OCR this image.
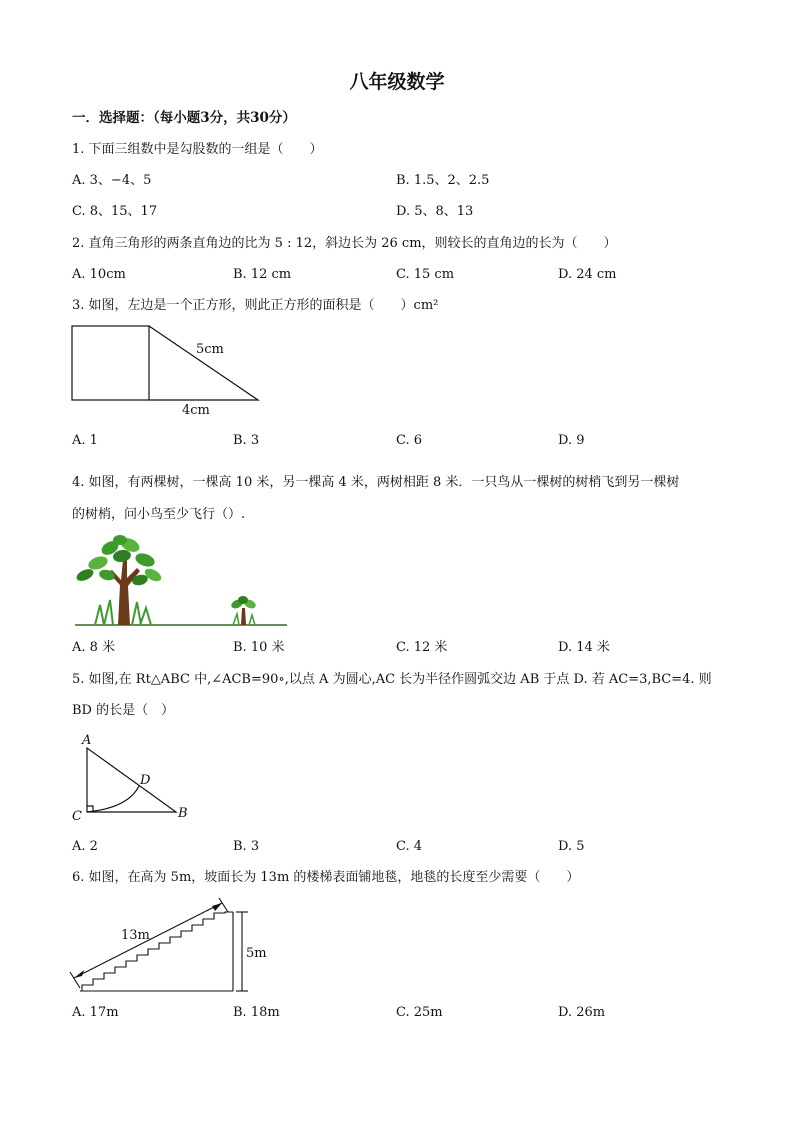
八年级数学
一．选择题：（每小题3分，共30分）
1. 下面三组数中是勾股数的一组是（　　）
A. 3、−4、5	B. 1.5、2、2.5
C. 8、15、17	D. 5、8、13
2. 直角三角形的两条直角边的比为 5 : 12，斜边长为 26 cm，则较长的直角边的长为（　　）
A. 10cm	B. 12 cm	C. 15 cm	D. 24 cm
3. 如图，左边是一个正方形，则此正方形的面积是（　　）cm²
5cm
4cm
A. 1	B. 3	C. 6	D. 9
4. 如图，有两棵树，一棵高 10 米，另一棵高 4 米，两树相距 8 米．一只鸟从一棵树的树梢飞到另一棵树
的树梢，问小鸟至少飞行（）.
A. 8 米	B. 10 米	C. 12 米	D. 14 米
5. 如图,在 Rt△ABC 中,∠ACB=90∘,以点 A 为圆心,AC 长为半径作圆弧交边 AB 于点 D. 若 AC=3,BC=4. 则
BD 的长是（　）
A
D
C	B
A. 2	B. 3	C. 4	D. 5
6. 如图，在高为 5m，坡面长为 13m 的楼梯表面铺地毯，地毯的长度至少需要（　　）
13m
5m
A. 17m	B. 18m	C. 25m	D. 26m
